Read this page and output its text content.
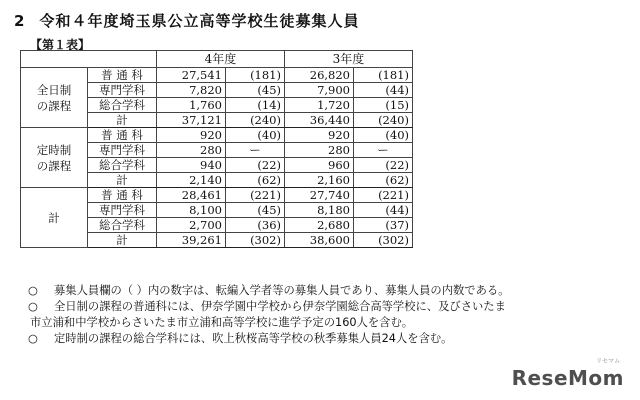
2 令和４年度埼玉県公立高等学校生徒募集人員
【第１表】
		4年度		3年度	

全日制
の課程	普 通 科	27,541	(181)	26,820	(181)
	専門学科	7,820	(45)	7,900	(44)
	総合学科	1,760	(14)	1,720	(15)
	計	37,121	(240)	36,440	(240)

定時制
の課程	普 通 科	920	(40)	920	(40)
	専門学科	280	ー	280	ー
	総合学科	940	(22)	960	(22)
	計	2,140	(62)	2,160	(62)

計	普 通 科	28,461	(221)	27,740	(221)
	専門学科	8,100	(45)	8,180	(44)
	総合学科	2,700	(36)	2,680	(37)
	計	39,261	(302)	38,600	(302)
○	募集人員欄の（ ）内の数字は、転編入学者等の募集人員であり、募集人員の内数である。
○	全日制の課程の普通科には、伊奈学園中学校から伊奈学園総合高等学校に、及びさいたま
市立浦和中学校からさいたま市立浦和高等学校に進学予定の160人を含む。
○	定時制の課程の総合学科には、吹上秋桜高等学校の秋季募集人員24人を含む。
リセマム
ReseMom
